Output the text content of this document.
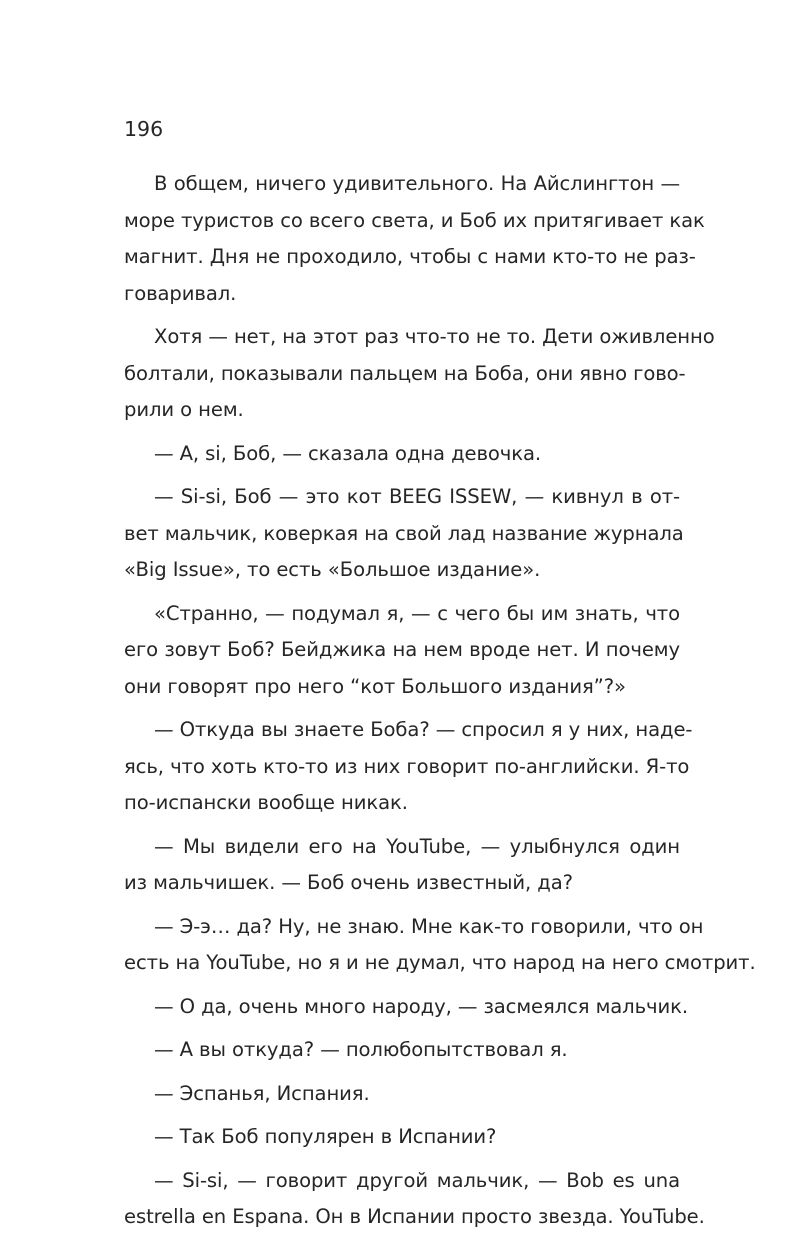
196

В общем, ничего удивительного. На Айслингтон —
море туристов со всего света, и Боб их притягивает как
магнит. Дня не проходило, чтобы с нами кто-то не раз-
говаривал.
Хотя — нет, на этот раз что-то не то. Дети оживленно
болтали, показывали пальцем на Боба, они явно гово-
рили о нем.
— А, si, Боб, — сказала одна девочка.
— Si-si, Боб — это кот BEEG ISSEW, — кивнул в от-
вет мальчик, коверкая на свой лад название журнала
«Big Issue», то есть «Большое издание».
«Странно, — подумал я, — с чего бы им знать, что
его зовут Боб? Бейджика на нем вроде нет. И почему
они говорят про него “кот Большого издания”?»
— Откуда вы знаете Боба? — спросил я у них, наде-
ясь, что хоть кто-то из них говорит по-английски. Я-то
по-испански вообще никак.
— Мы видели его на YouTube, — улыбнулся один
из мальчишек. — Боб очень известный, да?
— Э-э… да? Ну, не знаю. Мне как-то говорили, что он
есть на YouTube, но я и не думал, что народ на него смотрит.
— О да, очень много народу, — засмеялся мальчик.
— А вы откуда? — полюбопытствовал я.
— Эспанья, Испания.
— Так Боб популярен в Испании?
— Si-si, — говорит другой мальчик, — Bob es una
estrella en Espana. Он в Испании просто звезда. YouTube.
